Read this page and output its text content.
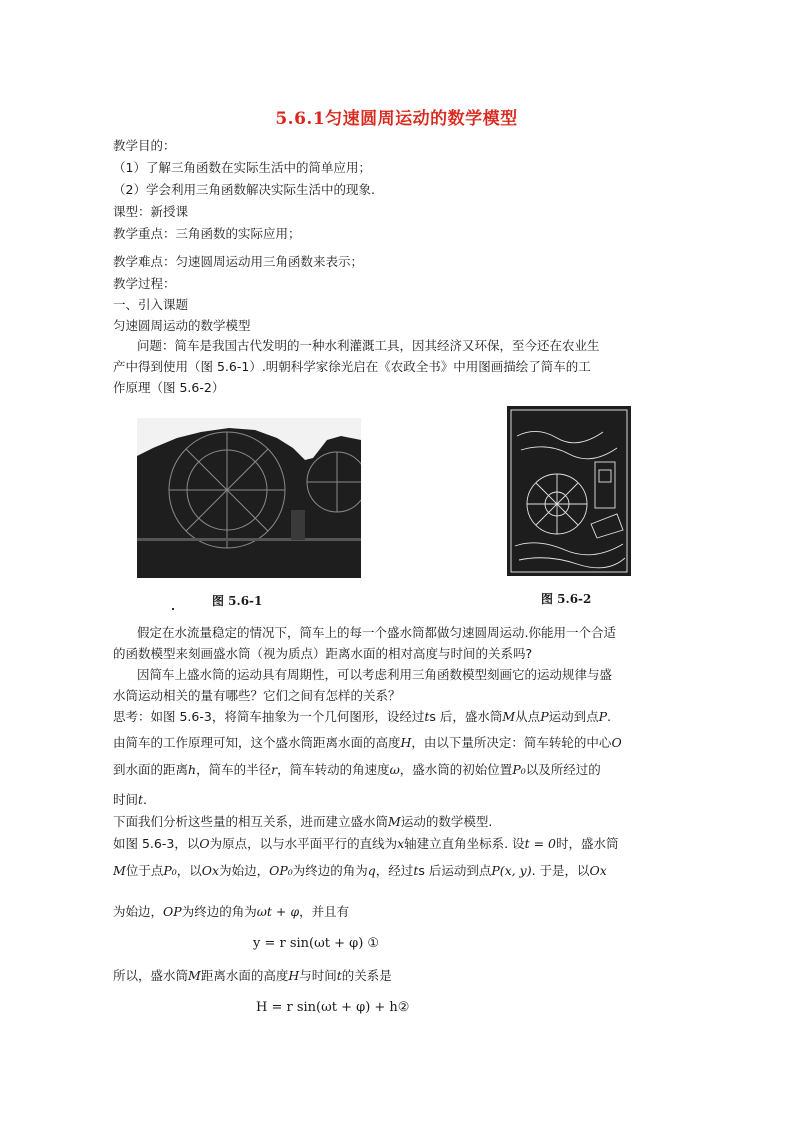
5.6.1匀速圆周运动的数学模型
教学目的：
（1）了解三角函数在实际生活中的简单应用；
（2）学会利用三角函数解决实际生活中的现象.
课型：新授课
教学重点：三角函数的实际应用；
教学难点：匀速圆周运动用三角函数来表示；
教学过程：
一、引入课题
匀速圆周运动的数学模型
问题：简车是我国古代发明的一种水利灌溉工具，因其经济又环保，至今还在农业生
产中得到使用（图 5.6-1）.明朝科学家徐光启在《农政全书》中用图画描绘了简车的工
作原理（图 5.6-2）
图 5.6-1	图 5.6-2
假定在水流量稳定的情况下，简车上的每一个盛水筒都做匀速圆周运动.你能用一个合适
的函数模型来刻画盛水筒（视为质点）距离水面的相对高度与时间的关系吗?
因简车上盛水筒的运动具有周期性，可以考虑利用三角函数模型刻画它的运动规律与盛
水筒运动相关的量有哪些？它们之间有怎样的关系？
思考：如图 5.6-3，将简车抽象为一个几何图形，设经过ts 后，盛水筒M从点P运动到点P.
由简车的工作原理可知，这个盛水筒距离水面的高度H，由以下量所决定：简车转轮的中心O
到水面的距离h，简车的半径r，简车转动的角速度ω，盛水筒的初始位置P₀以及所经过的
时间t.
下面我们分析这些量的相互关系，进而建立盛水筒M运动的数学模型.
如图 5.6-3，以O为原点，以与水平面平行的直线为x轴建立直角坐标系. 设t = 0时，盛水筒
M位于点P₀，以Ox为始边，OP₀为终边的角为q，经过ts 后运动到点P(x, y). 于是，以Ox
为始边，OP为终边的角为ωt + φ，并且有
y = r sin(ωt + φ) ①
所以，盛水筒M距离水面的高度H与时间t的关系是
H = r sin(ωt + φ) + h②
